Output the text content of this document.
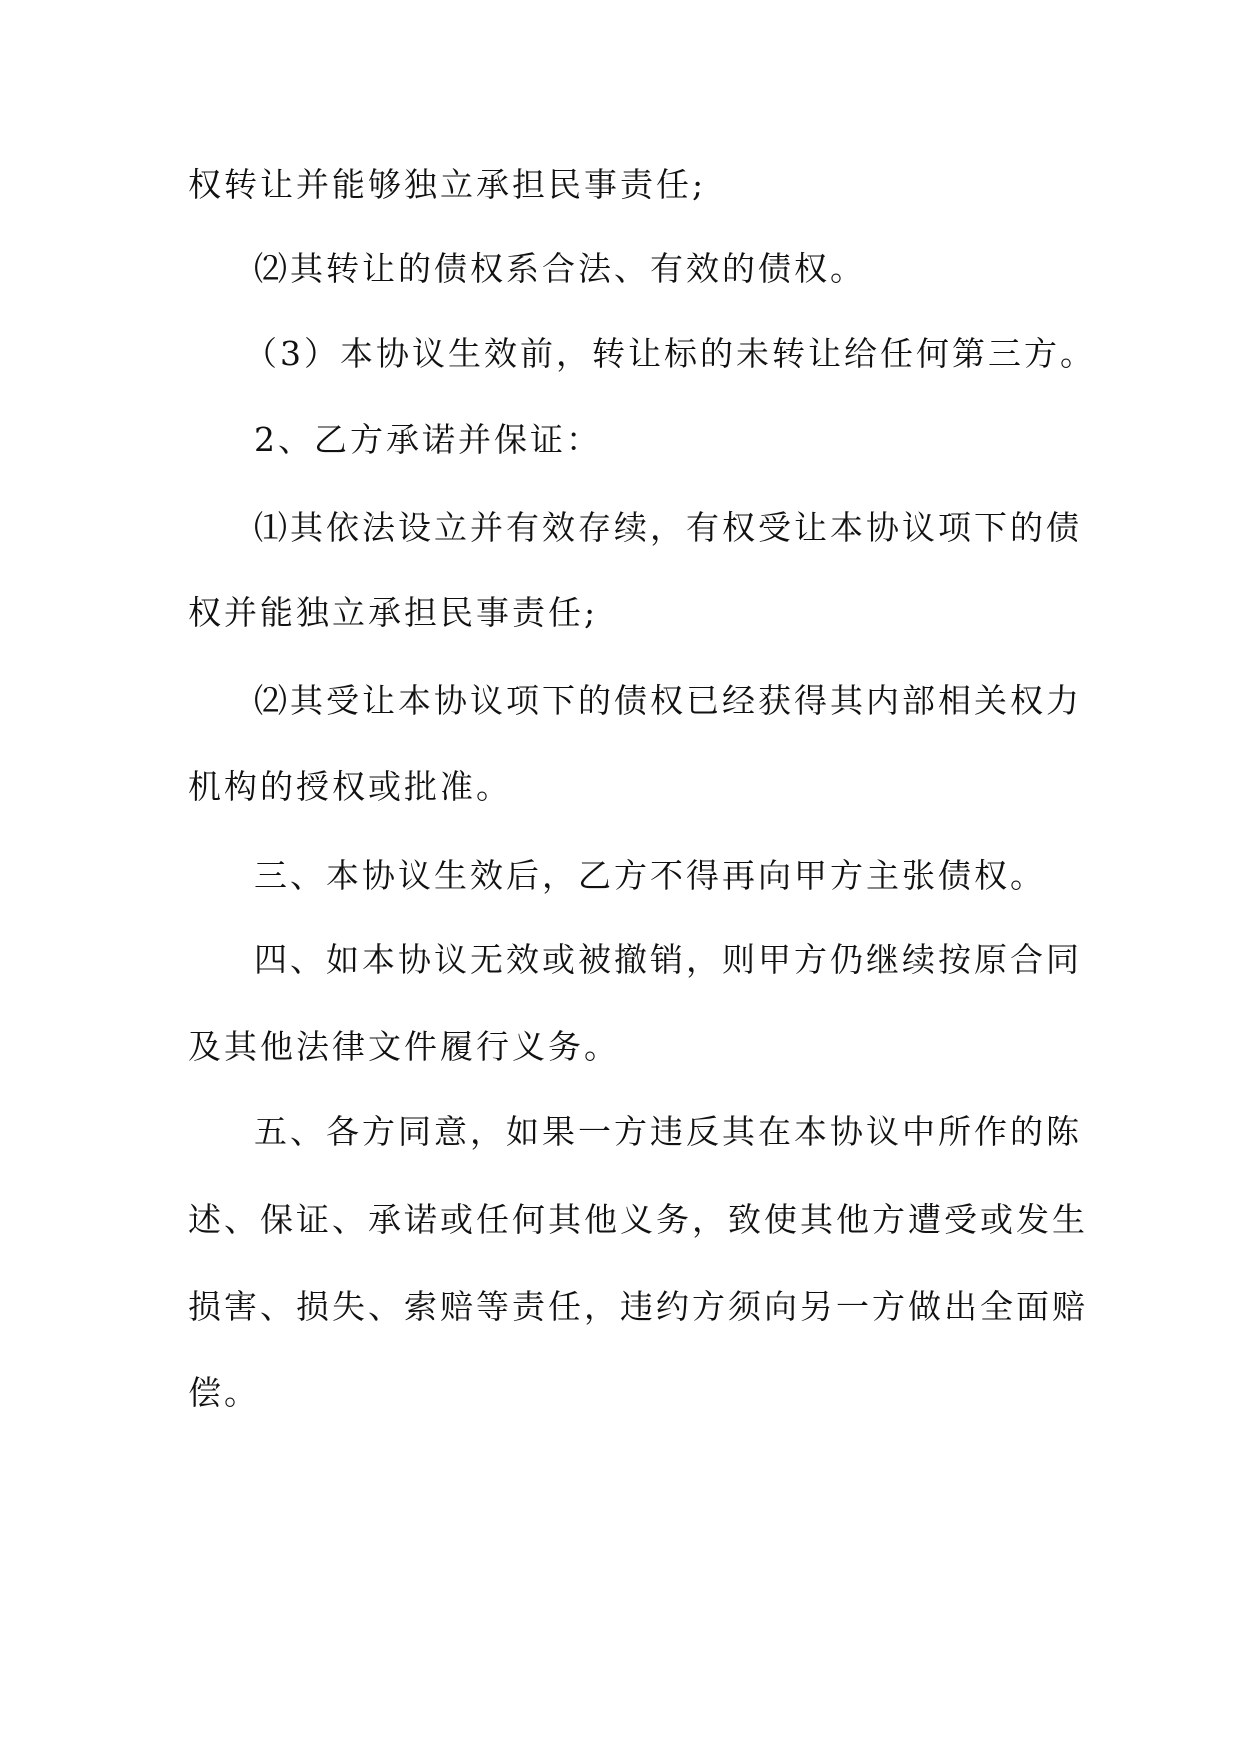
权转让并能够独立承担民事责任;
⑵其转让的债权系合法、有效的债权。
（3）本协议生效前，转让标的未转让给任何第三方。
2、乙方承诺并保证：
⑴其依法设立并有效存续，有权受让本协议项下的债
权并能独立承担民事责任;
⑵其受让本协议项下的债权已经获得其内部相关权力
机构的授权或批准。
三、本协议生效后，乙方不得再向甲方主张债权。
四、如本协议无效或被撤销，则甲方仍继续按原合同
及其他法律文件履行义务。
五、各方同意，如果一方违反其在本协议中所作的陈
述、保证、承诺或任何其他义务，致使其他方遭受或发生
损害、损失、索赔等责任，违约方须向另一方做出全面赔
偿。
